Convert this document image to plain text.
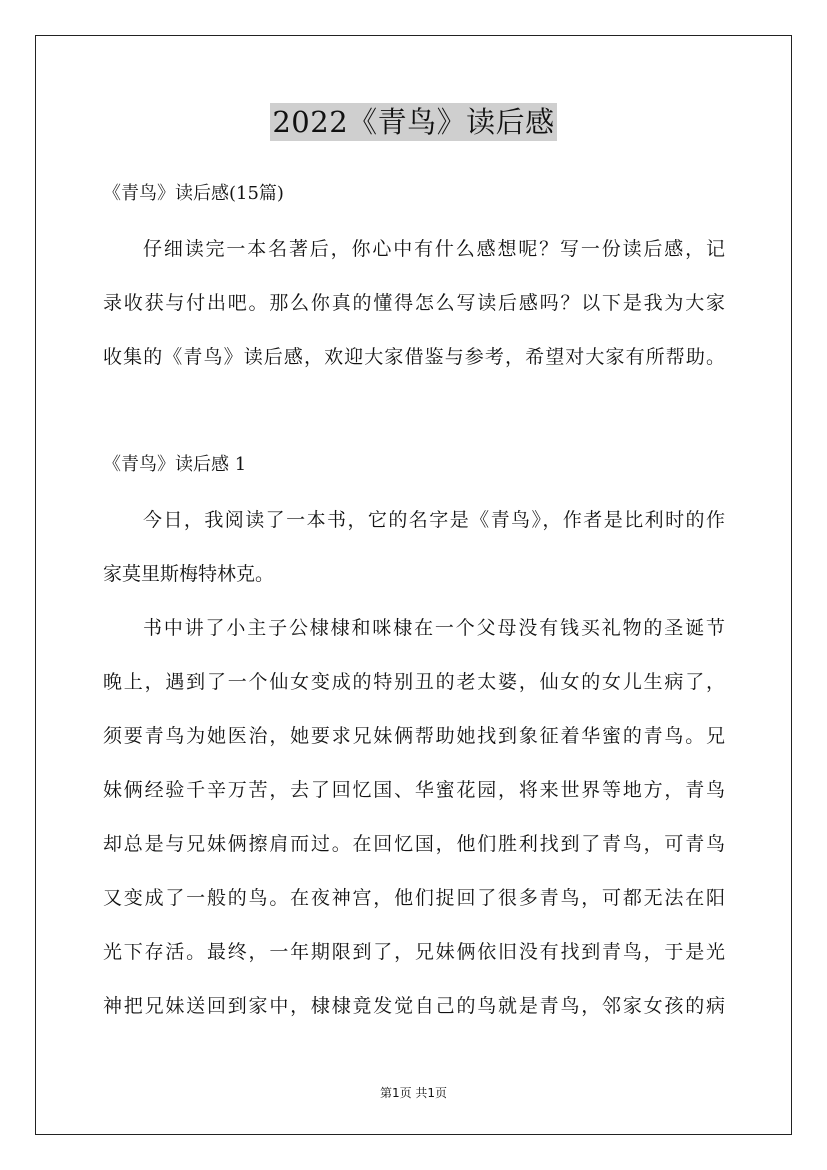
2022《青鸟》读后感
《青鸟》读后感(15篇)
仔细读完一本名著后，你心中有什么感想呢？写一份读后感，记
录收获与付出吧。那么你真的懂得怎么写读后感吗？以下是我为大家
收集的《青鸟》读后感，欢迎大家借鉴与参考，希望对大家有所帮助。
《青鸟》读后感 1
今日，我阅读了一本书，它的名字是《青鸟》，作者是比利时的作
家莫里斯梅特林克。
书中讲了小主子公棣棣和咪棣在一个父母没有钱买礼物的圣诞节
晚上，遇到了一个仙女变成的特别丑的老太婆，仙女的女儿生病了，
须要青鸟为她医治，她要求兄妹俩帮助她找到象征着华蜜的青鸟。兄
妹俩经验千辛万苦，去了回忆国、华蜜花园，将来世界等地方，青鸟
却总是与兄妹俩擦肩而过。在回忆国，他们胜利找到了青鸟，可青鸟
又变成了一般的鸟。在夜神宫，他们捉回了很多青鸟，可都无法在阳
光下存活。最终，一年期限到了，兄妹俩依旧没有找到青鸟，于是光
神把兄妹送回到家中，棣棣竟发觉自己的鸟就是青鸟，邻家女孩的病
第1页 共1页
